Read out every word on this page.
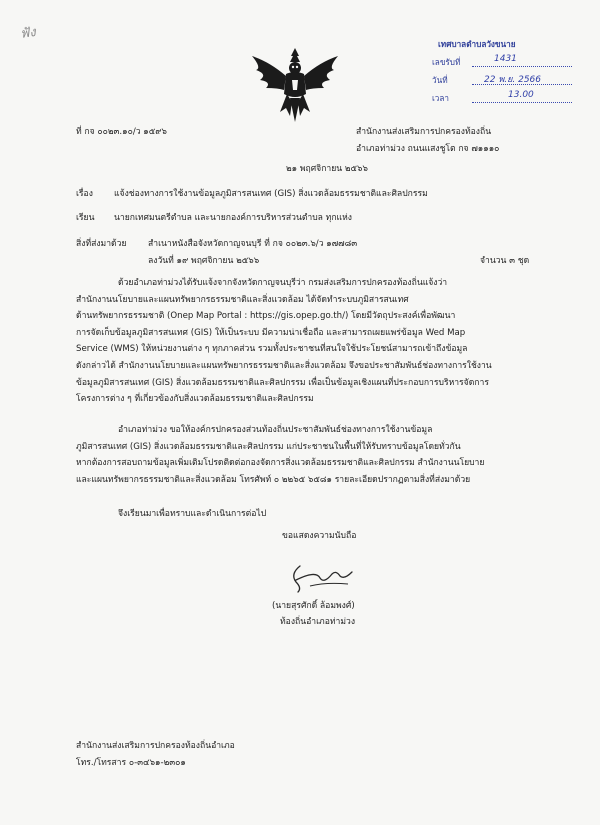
ฟัง
เทศบาลตำบลวังขนาย
เลขรับที่	1431
วันที่	22 พ.ย. 2566
เวลา	13.00
ที่ กจ ๐๐๒๓.๑๐/ว ๑๕๙๖	สำนักงานส่งเสริมการปกครองท้องถิ่น
อำเภอท่าม่วง ถนนแสงชูโต กจ ๗๑๑๑๐
๒๑ พฤศจิกายน ๒๕๖๖
เรื่อง แจ้งช่องทางการใช้งานข้อมูลภูมิสารสนเทศ (GIS) สิ่งแวดล้อมธรรมชาติและศิลปกรรม
เรียน นายกเทศมนตรีตำบล และนายกองค์การบริหารส่วนตำบล ทุกแห่ง
สิ่งที่ส่งมาด้วย	สำเนาหนังสือจังหวัดกาญจนบุรี ที่ กจ ๐๐๒๓.๖/ว ๑๗๗๘๓
ลงวันที่ ๑๙ พฤศจิกายน ๒๕๖๖	จำนวน ๓ ชุด
ด้วยอำเภอท่าม่วงได้รับแจ้งจากจังหวัดกาญจนบุรีว่า กรมส่งเสริมการปกครองท้องถิ่นแจ้งว่า
สำนักงานนโยบายและแผนทรัพยากรธรรมชาติและสิ่งแวดล้อม ได้จัดทำระบบภูมิสารสนเทศ
ด้านทรัพยากรธรรมชาติ (Onep Map Portal : https://gis.opep.go.th/) โดยมีวัตถุประสงค์เพื่อพัฒนา
การจัดเก็บข้อมูลภูมิสารสนเทศ (GIS) ให้เป็นระบบ มีความน่าเชื่อถือ และสามารถเผยแพร่ข้อมูล Wed Map
Service (WMS) ให้หน่วยงานต่าง ๆ ทุกภาคส่วน รวมทั้งประชาชนที่สนใจใช้ประโยชน์สามารถเข้าถึงข้อมูล
ดังกล่าวได้ สำนักงานนโยบายและแผนทรัพยากรธรรมชาติและสิ่งแวดล้อม จึงขอประชาสัมพันธ์ช่องทางการใช้งาน
ข้อมูลภูมิสารสนเทศ (GIS) สิ่งแวดล้อมธรรมชาติและศิลปกรรม เพื่อเป็นข้อมูลเชิงแผนที่ประกอบการบริหารจัดการ
โครงการต่าง ๆ ที่เกี่ยวข้องกับสิ่งแวดล้อมธรรมชาติและศิลปกรรม
อำเภอท่าม่วง ขอให้องค์กรปกครองส่วนท้องถิ่นประชาสัมพันธ์ช่องทางการใช้งานข้อมูล
ภูมิสารสนเทศ (GIS) สิ่งแวดล้อมธรรมชาติและศิลปกรรม แก่ประชาชนในพื้นที่ให้รับทราบข้อมูลโดยทั่วกัน
หากต้องการสอบถามข้อมูลเพิ่มเติมโปรดติดต่อกองจัดการสิ่งแวดล้อมธรรมชาติและศิลปกรรม สำนักงานนโยบาย
และแผนทรัพยากรธรรมชาติและสิ่งแวดล้อม โทรศัพท์ ๐ ๒๒๖๕ ๖๕๘๑ รายละเอียดปรากฏตามสิ่งที่ส่งมาด้วย
จึงเรียนมาเพื่อทราบและดำเนินการต่อไป
ขอแสดงความนับถือ
(นายสุรศักดิ์ ล้อมพงศ์)
ท้องถิ่นอำเภอท่าม่วง
สำนักงานส่งเสริมการปกครองท้องถิ่นอำเภอ
โทร./โทรสาร ๐-๓๔๖๑-๒๓๐๑
